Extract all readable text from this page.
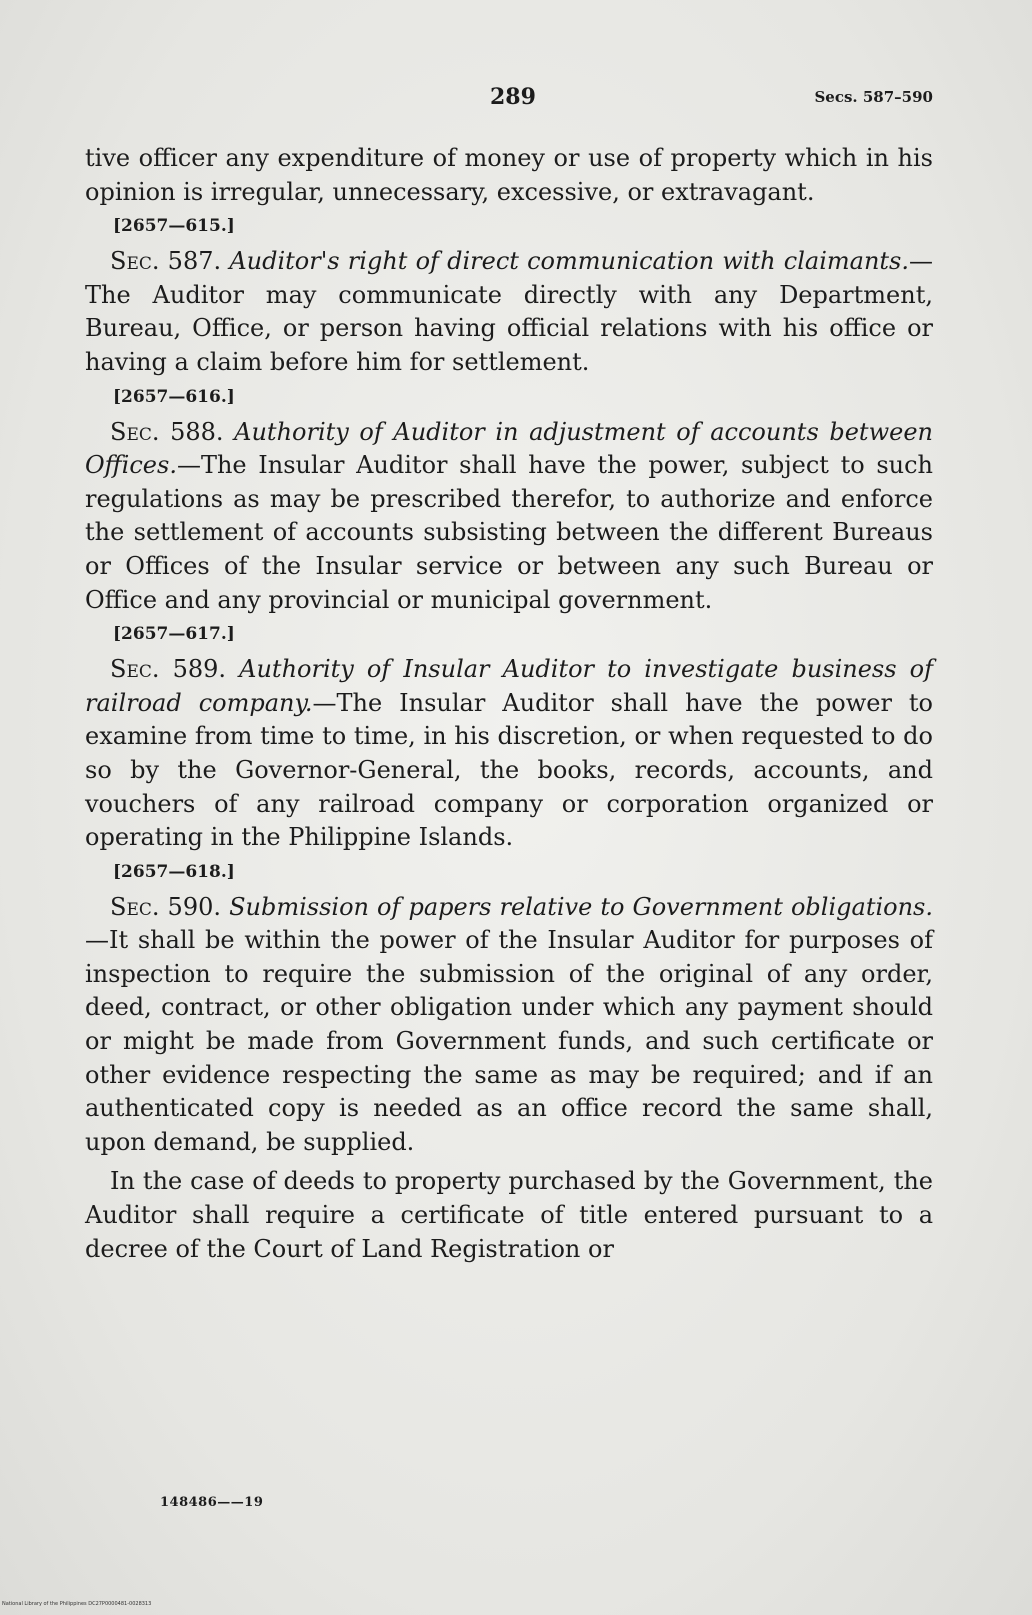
289	Secs. 587–590

tive officer any expenditure of money or use of property which in his opinion is irregular, unnecessary, excessive, or extravagant.

[2657—615.]

Sec. 587. Auditor's right of direct communication with claimants.—The Auditor may communicate directly with any Department, Bureau, Office, or person having official relations with his office or having a claim before him for settlement.

[2657—616.]

Sec. 588. Authority of Auditor in adjustment of accounts between Offices.—The Insular Auditor shall have the power, subject to such regulations as may be prescribed therefor, to authorize and enforce the settlement of accounts subsisting between the different Bureaus or Offices of the Insular service or between any such Bureau or Office and any provincial or municipal government.

[2657—617.]

Sec. 589. Authority of Insular Auditor to investigate business of railroad company.—The Insular Auditor shall have the power to examine from time to time, in his discretion, or when requested to do so by the Governor-General, the books, records, accounts, and vouchers of any railroad company or corporation organized or operating in the Philippine Islands.

[2657—618.]

Sec. 590. Submission of papers relative to Government obligations.—It shall be within the power of the Insular Auditor for purposes of inspection to require the submission of the original of any order, deed, contract, or other obligation under which any payment should or might be made from Government funds, and such certificate or other evidence respecting the same as may be required; and if an authenticated copy is needed as an office record the same shall, upon demand, be supplied.

In the case of deeds to property purchased by the Government, the Auditor shall require a certificate of title entered pursuant to a decree of the Court of Land Registration or

148486——19
National Library of the Philippines DC27P0000481-0028313
